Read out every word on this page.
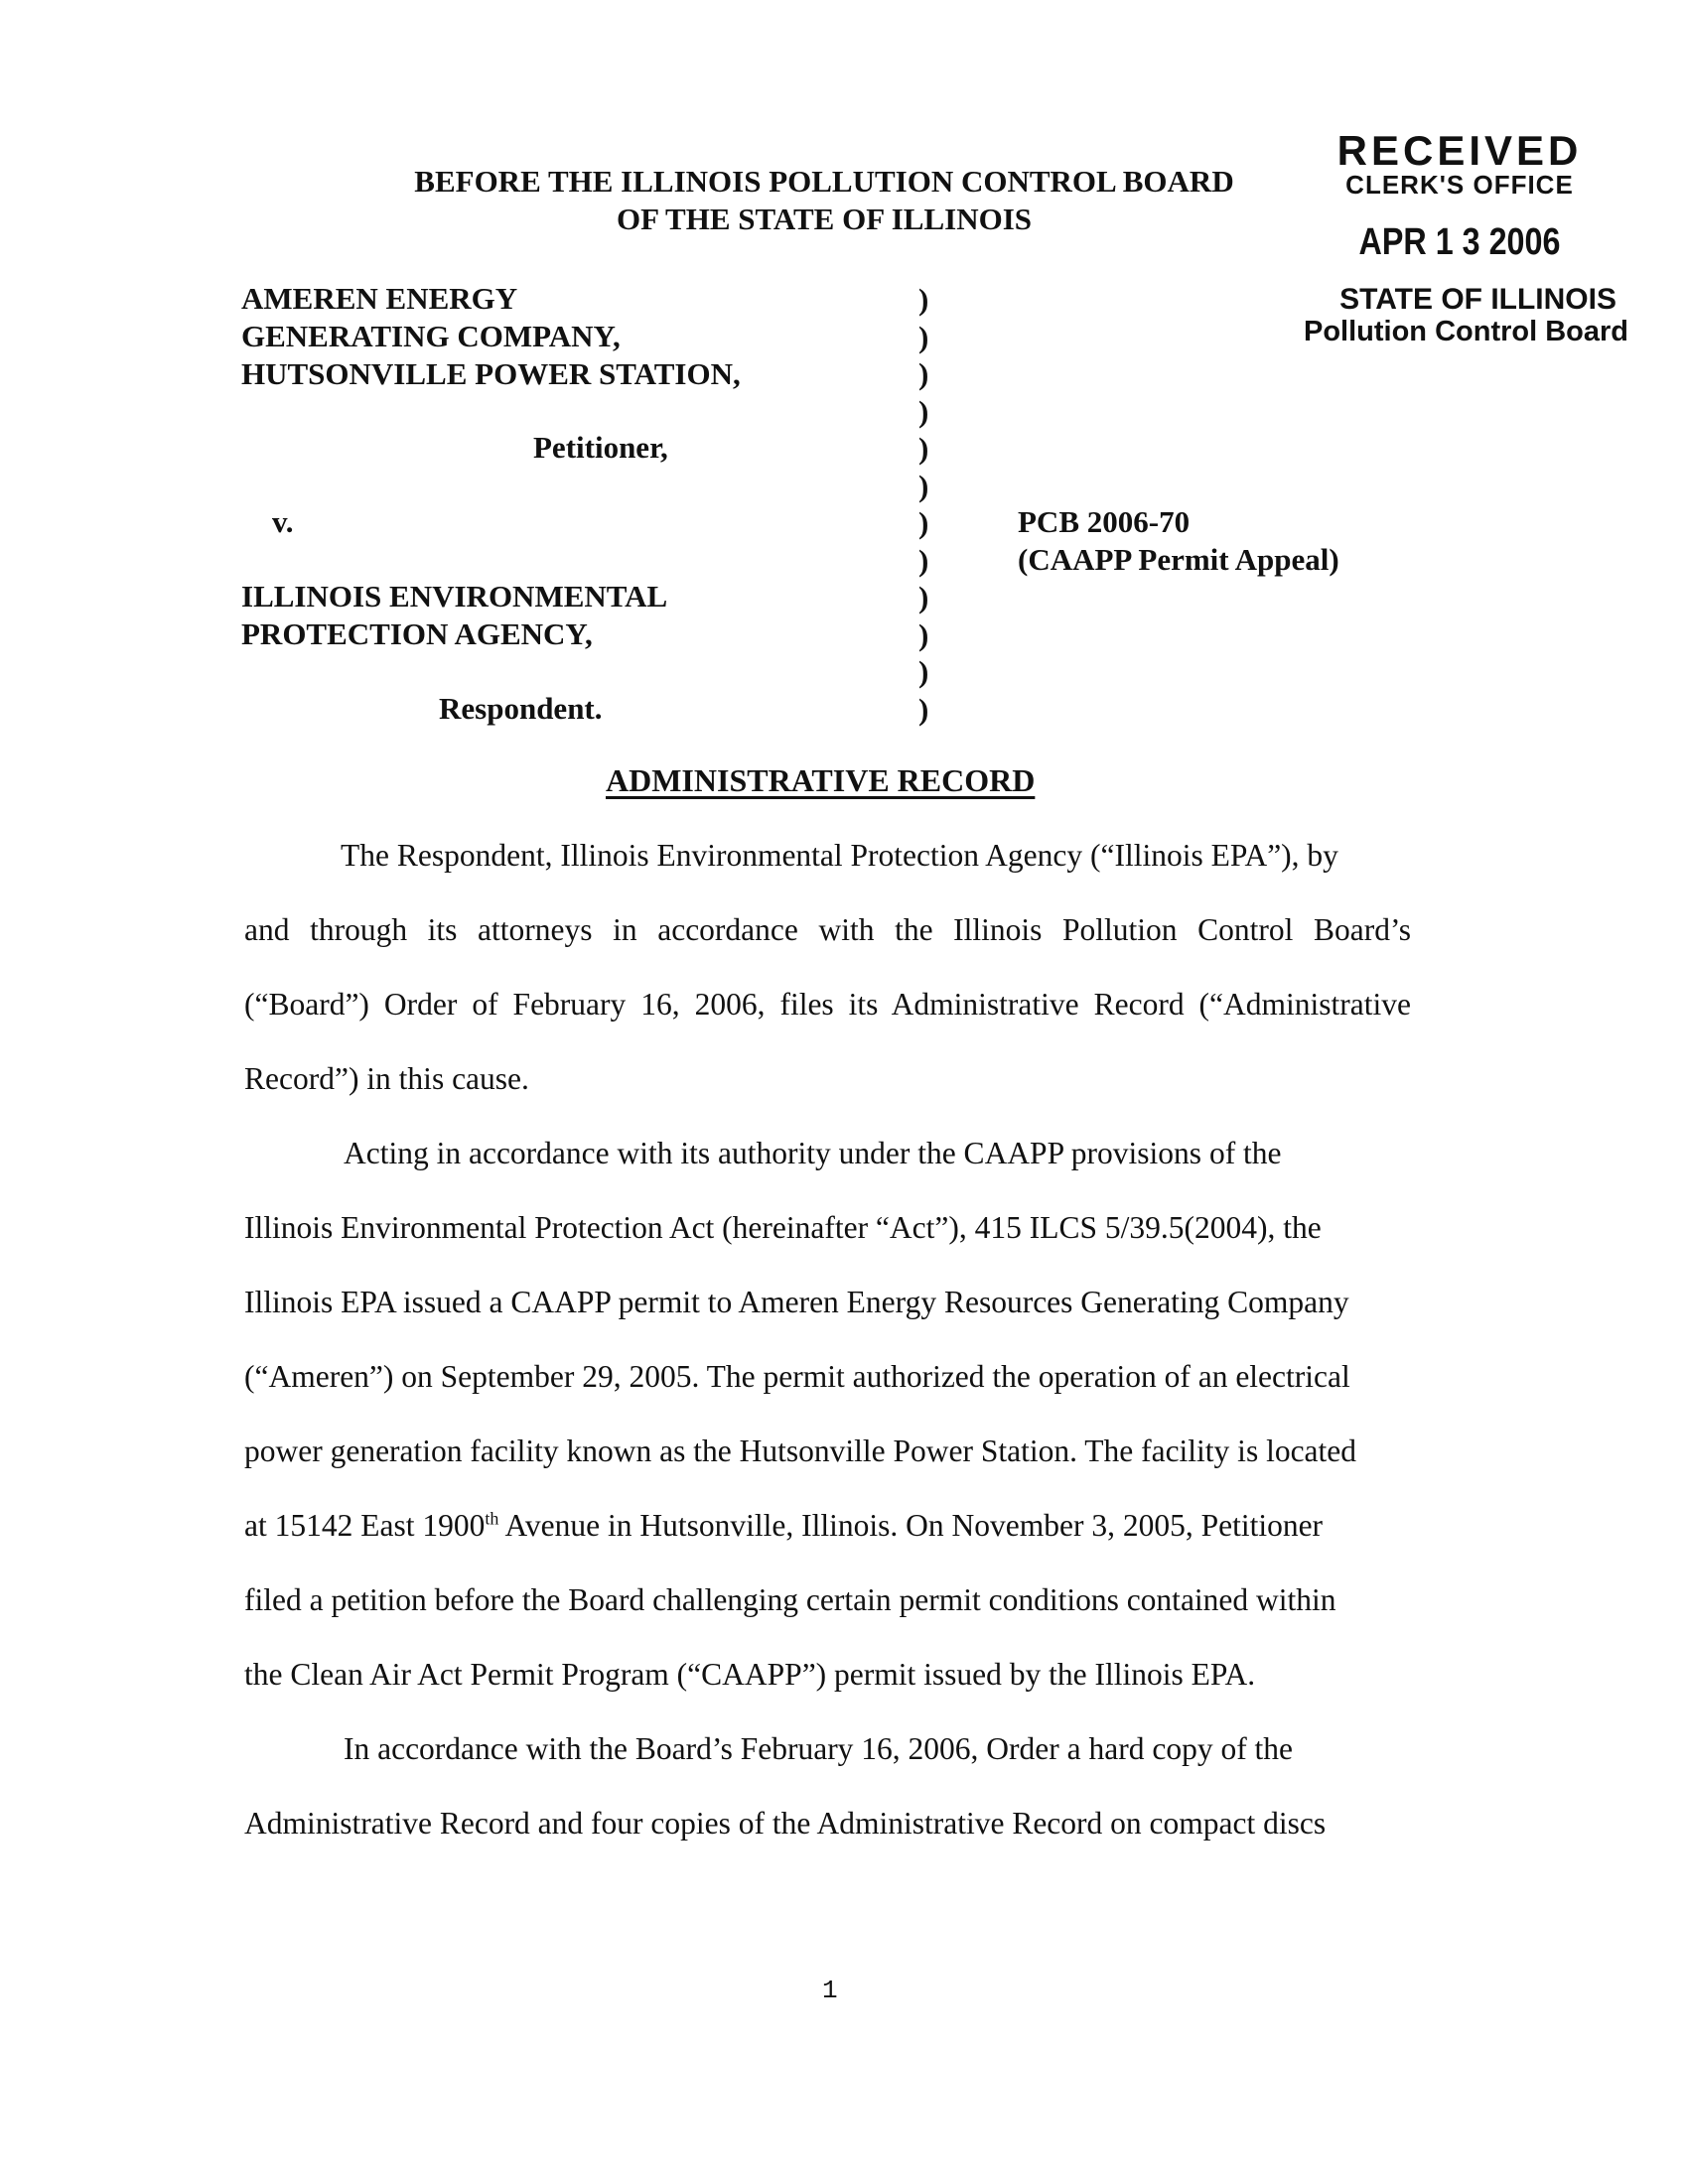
BEFORE THE ILLINOIS POLLUTION CONTROL BOARD
OF THE STATE OF ILLINOIS
RECEIVED
CLERK'S OFFICE
APR 1 3 2006
STATE OF ILLINOIS
Pollution Control Board
AMEREN ENERGY
GENERATING COMPANY,
HUTSONVILLE POWER STATION,
Petitioner,
v.
ILLINOIS ENVIRONMENTAL
PROTECTION AGENCY,
Respondent.
)
)
)
)
)
)
)
)
)
)
)
)
PCB 2006-70
(CAAPP Permit Appeal)
ADMINISTRATIVE RECORD
The Respondent, Illinois Environmental Protection Agency (“Illinois EPA”), by
and through its attorneys in accordance with the Illinois Pollution Control Board’s
(“Board”) Order of February 16, 2006, files its Administrative Record (“Administrative
Record”) in this cause.
Acting in accordance with its authority under the CAAPP provisions of the
Illinois Environmental Protection Act (hereinafter “Act”), 415 ILCS 5/39.5(2004), the
Illinois EPA issued a CAAPP permit to Ameren Energy Resources Generating Company
(“Ameren”) on September 29, 2005. The permit authorized the operation of an electrical
power generation facility known as the Hutsonville Power Station. The facility is located
at 15142 East 1900th Avenue in Hutsonville, Illinois. On November 3, 2005, Petitioner
filed a petition before the Board challenging certain permit conditions contained within
the Clean Air Act Permit Program (“CAAPP”) permit issued by the Illinois EPA.
In accordance with the Board’s February 16, 2006, Order a hard copy of the
Administrative Record and four copies of the Administrative Record on compact discs
1
